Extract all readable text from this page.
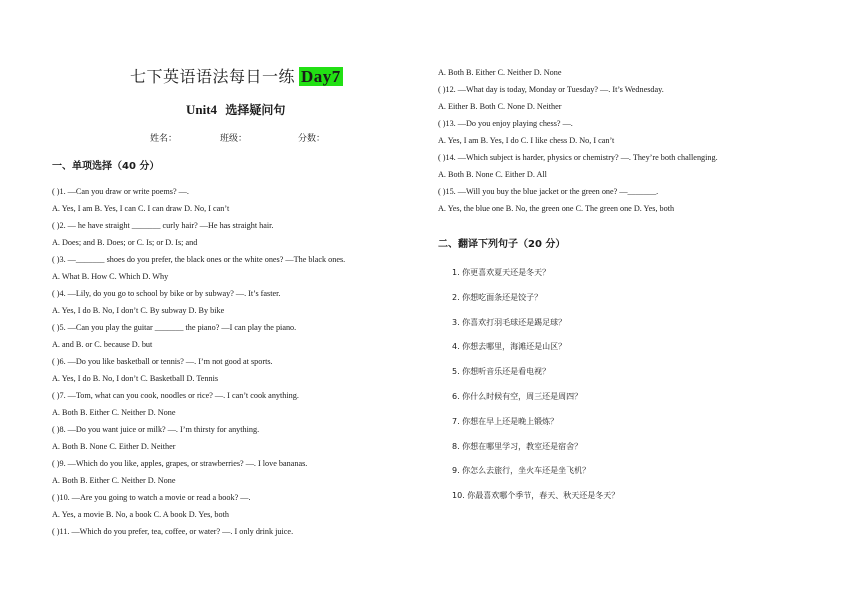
七下英语语法每日一练 Day7
Unit4 选择疑问句
姓名：	班级：	分数：
一、单项选择（40 分）
( )1. —Can you draw or write poems? —.
A. Yes, I am B. Yes, I can C. I can draw D. No, I can’t
( )2. — he have straight _______ curly hair? —He has straight hair.
A. Does; and B. Does; or C. Is; or D. Is; and
( )3. —_______ shoes do you prefer, the black ones or the white ones? —The black ones.
A. What B. How C. Which D. Why
( )4. —Lily, do you go to school by bike or by subway? —. It’s faster.
A. Yes, I do B. No, I don’t C. By subway D. By bike
( )5. —Can you play the guitar _______ the piano? —I can play the piano.
A. and B. or C. because D. but
( )6. —Do you like basketball or tennis? —. I’m not good at sports.
A. Yes, I do B. No, I don’t C. Basketball D. Tennis
( )7. —Tom, what can you cook, noodles or rice? —. I can’t cook anything.
A. Both B. Either C. Neither D. None
( )8. —Do you want juice or milk? —. I’m thirsty for anything.
A. Both B. None C. Either D. Neither
( )9. —Which do you like, apples, grapes, or strawberries? —. I love bananas.
A. Both B. Either C. Neither D. None
( )10. —Are you going to watch a movie or read a book? —.
A. Yes, a movie B. No, a book C. A book D. Yes, both
( )11. —Which do you prefer, tea, coffee, or water? —. I only drink juice.
A. Both B. Either C. Neither D. None
( )12. —What day is today, Monday or Tuesday? —. It’s Wednesday.
A. Either B. Both C. None D. Neither
( )13. —Do you enjoy playing chess? —.
A. Yes, I am B. Yes, I do C. I like chess D. No, I can’t
( )14. —Which subject is harder, physics or chemistry? —. They’re both challenging.
A. Both B. None C. Either D. All
( )15. —Will you buy the blue jacket or the green one? —_______.
A. Yes, the blue one B. No, the green one C. The green one D. Yes, both
二、翻译下列句子（20 分）
1. 你更喜欢夏天还是冬天？
2. 你想吃面条还是饺子？
3. 你喜欢打羽毛球还是踢足球？
4. 你想去哪里，海滩还是山区？
5. 你想听音乐还是看电视？
6. 你什么时候有空，周三还是周四？
7. 你想在早上还是晚上锻炼？
8. 你想在哪里学习，教室还是宿舍？
9. 你怎么去旅行，坐火车还是坐飞机？
10. 你最喜欢哪个季节，春天、秋天还是冬天？
